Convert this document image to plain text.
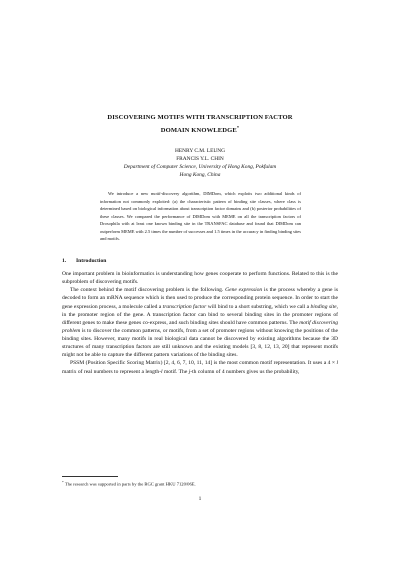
DISCOVERING MOTIFS WITH TRANSCRIPTION FACTOR
DOMAIN KNOWLEDGE*
HENRY C.M. LEUNG
FRANCIS Y.L. CHIN
Department of Computer Science, University of Hong Kong, Pokfulam
Hong Kong, China

We introduce a new motif-discovery algorithm, DIMDom, which exploits two additional kinds of information not commonly exploited: (a) the characteristic pattern of binding site classes, where class is determined based on biological information about transcription factor domains and (b) posterior probabilities of these classes. We compared the performance of DIMDom with MEME on all the transcription factors of Drosophila with at least one known binding site in the TRANSFAC database and found that DIMDom can outperform MEME with 2.5 times the number of successes and 1.5 times in the accuracy in finding binding sites and motifs.

1. Introduction

One important problem in bioinformatics is understanding how genes cooperate to perform functions. Related to this is the subproblem of discovering motifs.

The context behind the motif discovering problem is the following. Gene expression is the process whereby a gene is decoded to form an mRNA sequence which is then used to produce the corresponding protein sequence. In order to start the gene expression process, a molecule called a transcription factor will bind to a short substring, which we call a binding site, in the promoter region of the gene. A transcription factor can bind to several binding sites in the promoter regions of different genes to make these genes co-express, and such binding sites should have common patterns. The motif discovering problem is to discover the common patterns, or motifs, from a set of promoter regions without knowing the positions of the binding sites. However, many motifs in real biological data cannot be discovered by existing algorithms because the 3D structures of many transcription factors are still unknown and the existing models [3, 8, 12, 13, 20] that represent motifs might not be able to capture the different pattern variations of the binding sites.

PSSM (Position Specific Scoring Matrix) [2, 4, 6, 7, 10, 11, 14] is the most common motif representation. It uses a 4 × l matrix of real numbers to represent a length-l motif. The j-th column of 4 numbers gives us the probability,

* The research was supported in parts by the RGC grant HKU 7120/06E.
1
